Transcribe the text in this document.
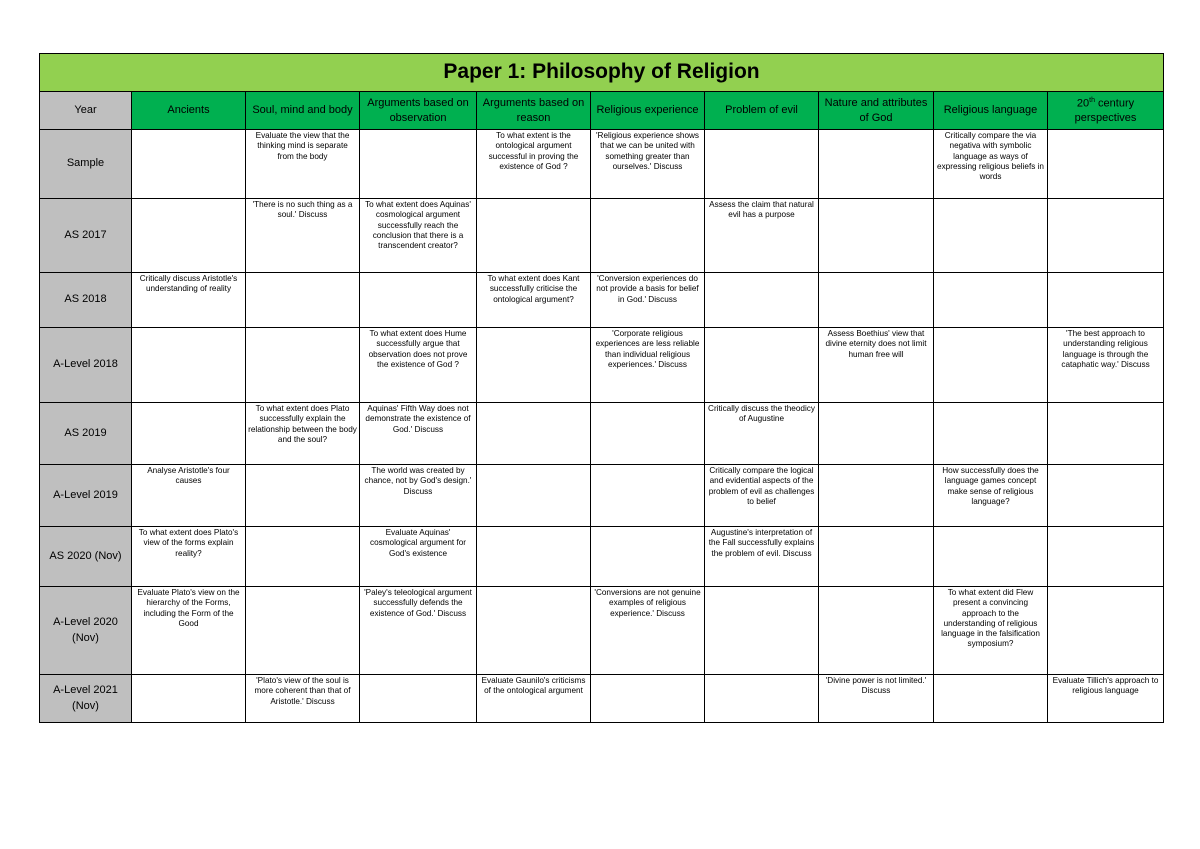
Paper 1: Philosophy of Religion									
Year	Ancients	Soul, mind and body	Arguments based on observation	Arguments based on reason	Religious experience	Problem of evil	Nature and attributes of God	Religious language	20th century perspectives
Sample		Evaluate the view that the thinking mind is separate from the body		To what extent is the ontological argument successful in proving the existence of God ?	'Religious experience shows that we can be united with something greater than ourselves.' Discuss			Critically compare the via negativa with symbolic language as ways of expressing religious beliefs in words	
AS 2017		'There is no such thing as a soul.' Discuss	To what extent does Aquinas' cosmological argument successfully reach the conclusion that there is a transcendent creator?			Assess the claim that natural evil has a purpose			
AS 2018	Critically discuss Aristotle's understanding of reality			To what extent does Kant successfully criticise the ontological argument?	'Conversion experiences do not provide a basis for belief in God.' Discuss				
A-Level 2018			To what extent does Hume successfully argue that observation does not prove the existence of God ?		'Corporate religious experiences are less reliable than individual religious experiences.' Discuss		Assess Boethius' view that divine eternity does not limit human free will		'The best approach to understanding religious language is through the cataphatic way.' Discuss
AS 2019		To what extent does Plato successfully explain the relationship between the body and the soul?	Aquinas' Fifth Way does not demonstrate the existence of God.' Discuss			Critically discuss the theodicy of Augustine			
A-Level 2019	Analyse Aristotle's four causes		The world was created by chance, not by God's design.' Discuss			Critically compare the logical and evidential aspects of the problem of evil as challenges to belief		How successfully does the language games concept make sense of religious language?	
AS 2020 (Nov)	To what extent does Plato's view of the forms explain reality?		Evaluate Aquinas' cosmological argument for God's existence			Augustine's interpretation of the Fall successfully explains the problem of evil. Discuss			
A-Level 2020 (Nov)	Evaluate Plato's view on the hierarchy of the Forms, including the Form of the Good		'Paley's teleological argument successfully defends the existence of God.' Discuss		'Conversions are not genuine examples of religious experience.' Discuss			To what extent did Flew present a convincing approach to the understanding of religious language in the falsification symposium?	
A-Level 2021 (Nov)		'Plato's view of the soul is more coherent than that of Aristotle.' Discuss		Evaluate Gaunilo's criticisms of the ontological argument			'Divine power is not limited.' Discuss		Evaluate Tillich's approach to religious language
